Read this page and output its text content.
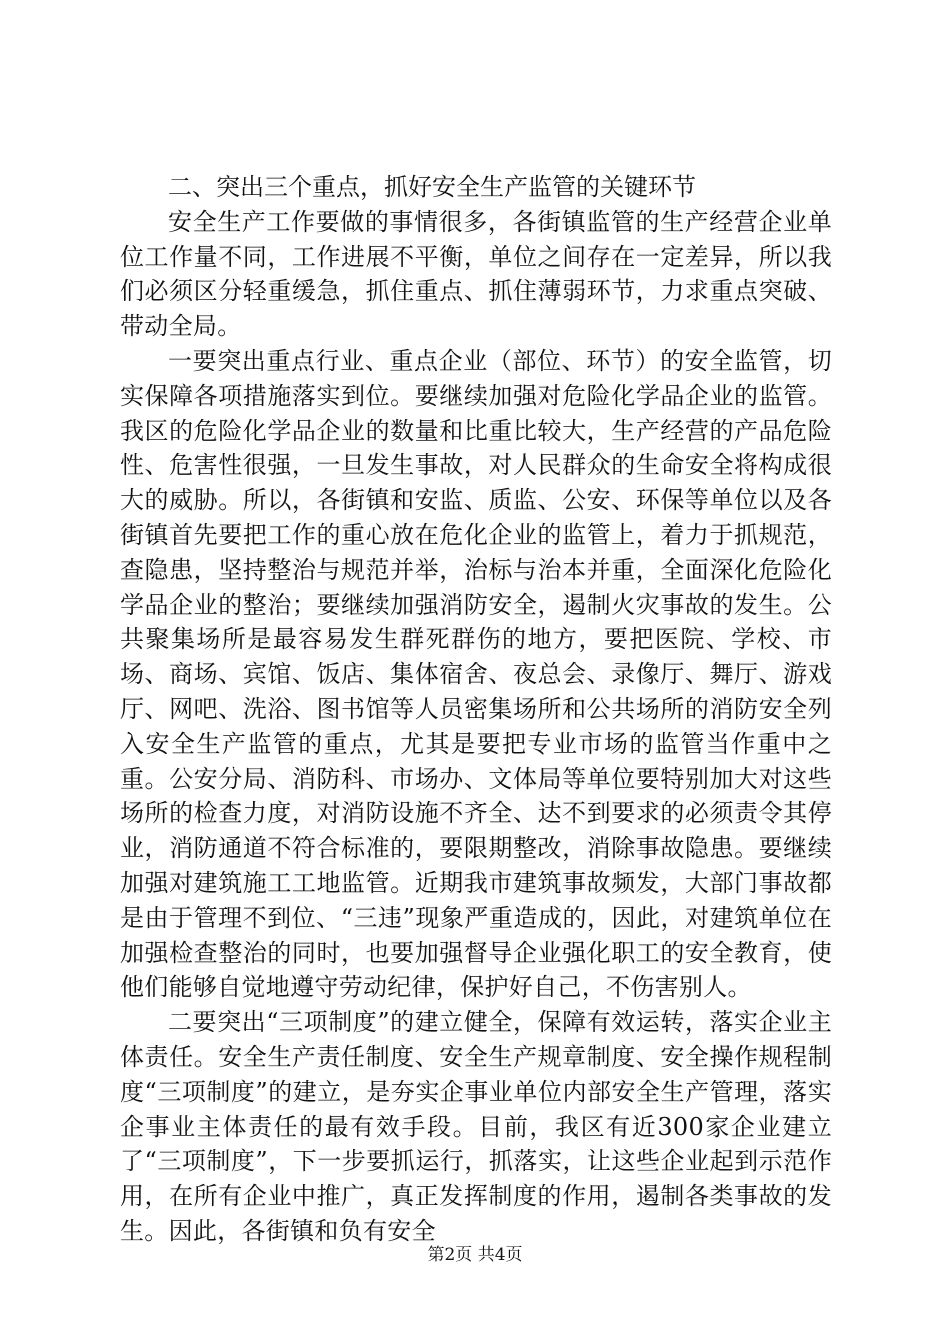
二、突出三个重点，抓好安全生产监管的关键环节

安全生产工作要做的事情很多，各街镇监管的生产经营企业单位工作量不同，工作进展不平衡，单位之间存在一定差异，所以我们必须区分轻重缓急，抓住重点、抓住薄弱环节，力求重点突破、带动全局。

一要突出重点行业、重点企业（部位、环节）的安全监管，切实保障各项措施落实到位。要继续加强对危险化学品企业的监管。我区的危险化学品企业的数量和比重比较大，生产经营的产品危险性、危害性很强，一旦发生事故，对人民群众的生命安全将构成很大的威胁。所以，各街镇和安监、质监、公安、环保等单位以及各街镇首先要把工作的重心放在危化企业的监管上，着力于抓规范，查隐患，坚持整治与规范并举，治标与治本并重，全面深化危险化学品企业的整治；要继续加强消防安全，遏制火灾事故的发生。公共聚集场所是最容易发生群死群伤的地方，要把医院、学校、市场、商场、宾馆、饭店、集体宿舍、夜总会、录像厅、舞厅、游戏厅、网吧、洗浴、图书馆等人员密集场所和公共场所的消防安全列入安全生产监管的重点，尤其是要把专业市场的监管当作重中之重。公安分局、消防科、市场办、文体局等单位要特别加大对这些场所的检查力度，对消防设施不齐全、达不到要求的必须责令其停业，消防通道不符合标准的，要限期整改，消除事故隐患。要继续加强对建筑施工工地监管。近期我市建筑事故频发，大部门事故都是由于管理不到位、“三违”现象严重造成的，因此，对建筑单位在加强检查整治的同时，也要加强督导企业强化职工的安全教育，使他们能够自觉地遵守劳动纪律，保护好自己，不伤害别人。

二要突出“三项制度”的建立健全，保障有效运转，落实企业主体责任。安全生产责任制度、安全生产规章制度、安全操作规程制度“三项制度”的建立，是夯实企事业单位内部安全生产管理，落实企事业主体责任的最有效手段。目前，我区有近300家企业建立了“三项制度”，下一步要抓运行，抓落实，让这些企业起到示范作用，在所有企业中推广，真正发挥制度的作用，遏制各类事故的发生。因此，各街镇和负有安全

第2页 共4页
